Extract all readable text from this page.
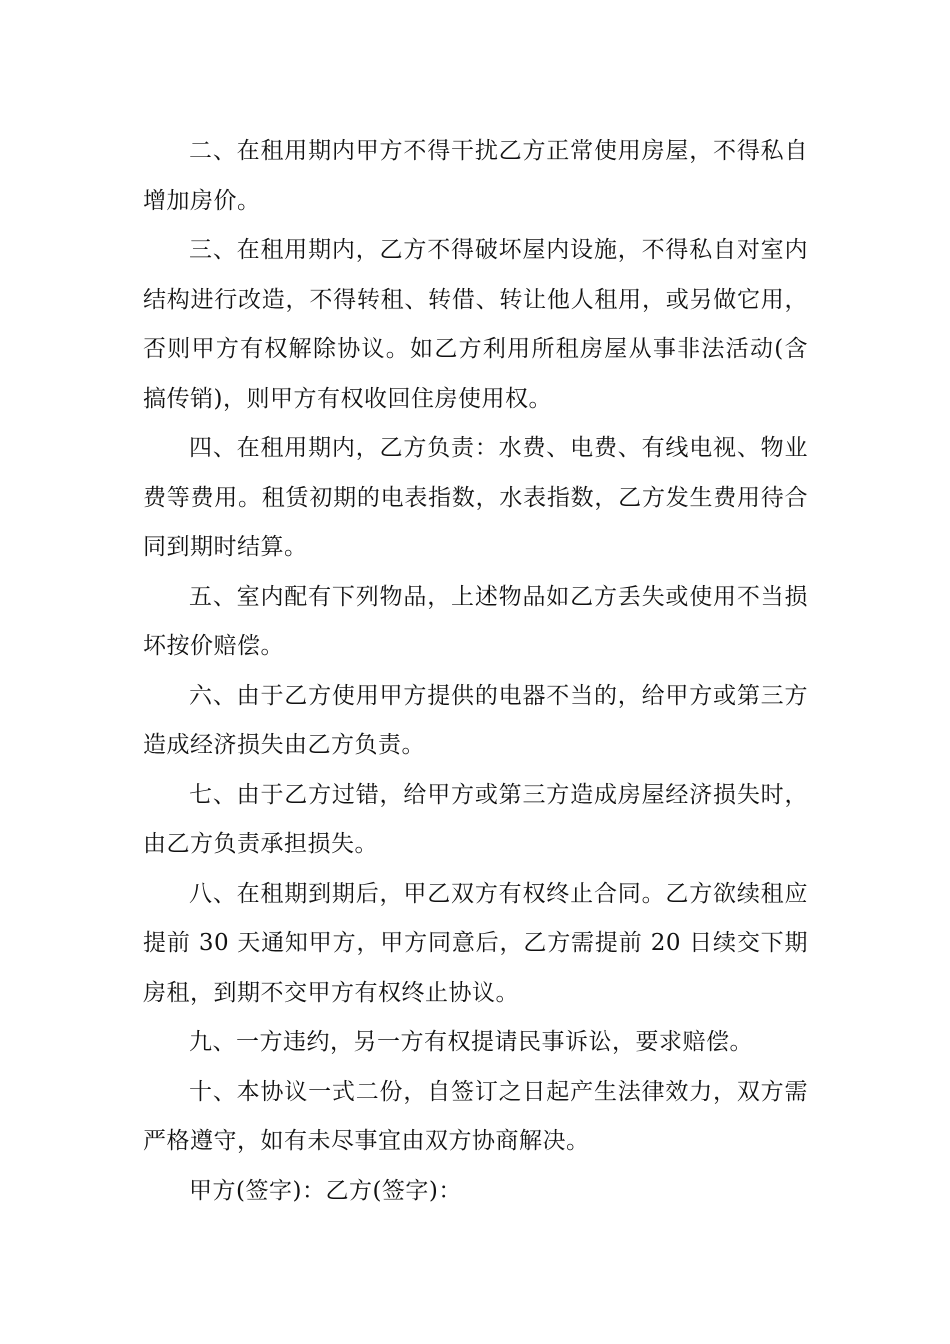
二、在租用期内甲方不得干扰乙方正常使用房屋，不得私自增加房价。

三、在租用期内，乙方不得破坏屋内设施，不得私自对室内结构进行改造，不得转租、转借、转让他人租用，或另做它用，否则甲方有权解除协议。如乙方利用所租房屋从事非法活动(含搞传销)，则甲方有权收回住房使用权。

四、在租用期内，乙方负责：水费、电费、有线电视、物业费等费用。租赁初期的电表指数，水表指数，乙方发生费用待合同到期时结算。

五、室内配有下列物品，上述物品如乙方丢失或使用不当损坏按价赔偿。

六、由于乙方使用甲方提供的电器不当的，给甲方或第三方造成经济损失由乙方负责。

七、由于乙方过错，给甲方或第三方造成房屋经济损失时，由乙方负责承担损失。

八、在租期到期后，甲乙双方有权终止合同。乙方欲续租应提前 30 天通知甲方，甲方同意后，乙方需提前 20 日续交下期房租，到期不交甲方有权终止协议。

九、一方违约，另一方有权提请民事诉讼，要求赔偿。

十、本协议一式二份，自签订之日起产生法律效力，双方需严格遵守，如有未尽事宜由双方协商解决。

甲方(签字)：乙方(签字)：
